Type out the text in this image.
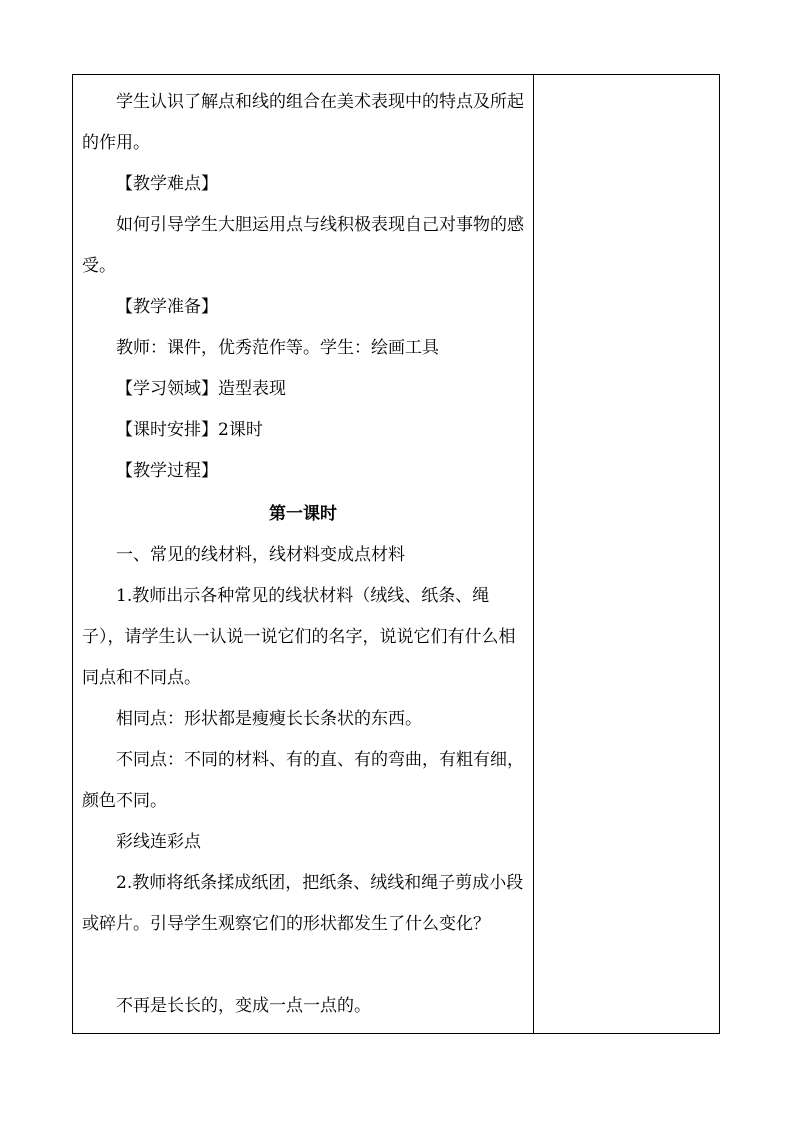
学生认识了解点和线的组合在美术表现中的特点及所起的作用。

【教学难点】

如何引导学生大胆运用点与线积极表现自己对事物的感受。

【教学准备】

教师：课件，优秀范作等。学生：绘画工具

【学习领域】造型表现

【课时安排】2课时

【教学过程】

第一课时

一、常见的线材料，线材料变成点材料

1.教师出示各种常见的线状材料（绒线、纸条、绳子），请学生认一认说一说它们的名字，说说它们有什么相同点和不同点。

相同点：形状都是瘦瘦长长条状的东西。

不同点：不同的材料、有的直、有的弯曲，有粗有细，颜色不同。

彩线连彩点

2.教师将纸条揉成纸团，把纸条、绒线和绳子剪成小段或碎片。引导学生观察它们的形状都发生了什么变化？

不再是长长的，变成一点一点的。
